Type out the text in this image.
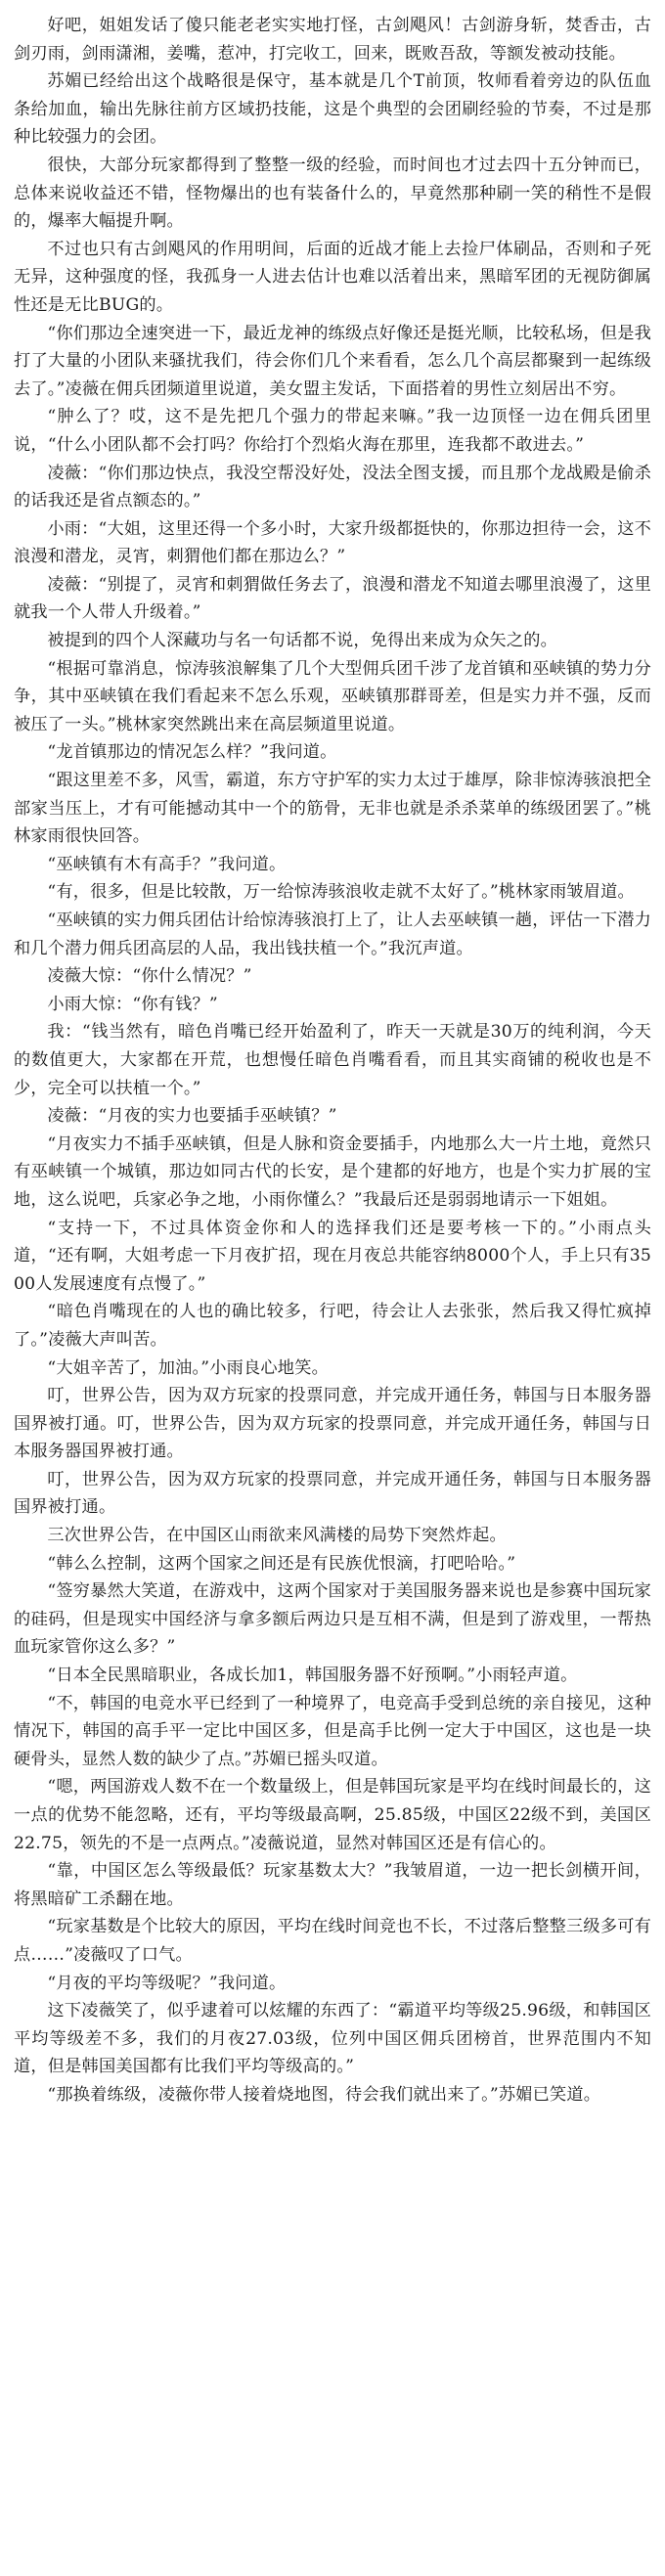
好吧，姐姐发话了傻只能老老实实地打怪，古剑飓风！古剑游身斩，焚香击，古剑刃雨，剑雨潇湘，姜嘴，惹冲，打完收工，回来，既败吾敌，等额发被动技能。

苏媚已经给出这个战略很是保守，基本就是几个T前顶，牧师看着旁边的队伍血条给加血，输出先脉往前方区域扔技能，这是个典型的会团刷经验的节奏，不过是那种比较强力的会团。

很快，大部分玩家都得到了整整一级的经验，而时间也才过去四十五分钟而已，总体来说收益还不错，怪物爆出的也有装备什么的，早竟然那种刷一笑的稍性不是假的，爆率大幅提升啊。

不过也只有古剑飓风的作用明间，后面的近战才能上去捡尸体刷品，否则和子死无异，这种强度的怪，我孤身一人进去估计也难以活着出来，黑暗军团的无视防御属性还是无比BUG的。

“你们那边全速突进一下，最近龙神的练级点好像还是挺光顺，比较私场，但是我打了大量的小团队来骚扰我们，待会你们几个来看看，怎么几个高层都聚到一起练级去了。”凌薇在佣兵团频道里说道，美女盟主发话，下面搭着的男性立刻居出不穷。

“肿么了？哎，这不是先把几个强力的带起来嘛。”我一边顶怪一边在佣兵团里说，“什么小团队都不会打吗？你给打个烈焰火海在那里，连我都不敢进去。”

凌薇：“你们那边快点，我没空帮没好处，没法全图支援，而且那个龙战殿是偷杀的话我还是省点额态的。”

小雨：“大姐，这里还得一个多小时，大家升级都挺快的，你那边担待一会，这不浪漫和潜龙，灵宵，刺猬他们都在那边么？”

凌薇：“别提了，灵宵和刺猬做任务去了，浪漫和潜龙不知道去哪里浪漫了，这里就我一个人带人升级着。”

被提到的四个人深藏功与名一句话都不说，免得出来成为众矢之的。

“根据可靠消息，惊涛骇浪解集了几个大型佣兵团千涉了龙首镇和巫峡镇的势力分争，其中巫峡镇在我们看起来不怎么乐观，巫峡镇那群哥差，但是实力并不强，反而被压了一头。”桃林家突然跳出来在高层频道里说道。

“龙首镇那边的情况怎么样？”我问道。

“跟这里差不多，风雪，霸道，东方守护军的实力太过于雄厚，除非惊涛骇浪把全部家当压上，才有可能撼动其中一个的筋骨，无非也就是杀杀菜单的练级团罢了。”桃林家雨很快回答。

“巫峡镇有木有高手？”我问道。

“有，很多，但是比较散，万一给惊涛骇浪收走就不太好了。”桃林家雨皱眉道。

“巫峡镇的实力佣兵团估计给惊涛骇浪打上了，让人去巫峡镇一趟，评估一下潜力和几个潜力佣兵团高层的人品，我出钱扶植一个。”我沉声道。

凌薇大惊：“你什么情况？”

小雨大惊：“你有钱？”

我：“钱当然有，暗色肖嘴已经开始盈利了，昨天一天就是30万的纯利润，今天的数值更大，大家都在开荒，也想慢任暗色肖嘴看看，而且其实商铺的税收也是不少，完全可以扶植一个。”

凌薇：“月夜的实力也要插手巫峡镇？”

“月夜实力不插手巫峡镇，但是人脉和资金要插手，内地那么大一片土地，竟然只有巫峡镇一个城镇，那边如同古代的长安，是个建都的好地方，也是个实力扩展的宝地，这么说吧，兵家必争之地，小雨你懂么？”我最后还是弱弱地请示一下姐姐。

“支持一下，不过具体资金你和人的选择我们还是要考核一下的。”小雨点头道，“还有啊，大姐考虑一下月夜扩招，现在月夜总共能容纳8000个人，手上只有3500人发展速度有点慢了。”

“暗色肖嘴现在的人也的确比较多，行吧，待会让人去张张，然后我又得忙疯掉了。”凌薇大声叫苦。

“大姐辛苦了，加油。”小雨良心地笑。

叮，世界公告，因为双方玩家的投票同意，并完成开通任务，韩国与日本服务器国界被打通。叮，世界公告，因为双方玩家的投票同意，并完成开通任务，韩国与日本服务器国界被打通。

叮，世界公告，因为双方玩家的投票同意，并完成开通任务，韩国与日本服务器国界被打通。

三次世界公告，在中国区山雨欲来风满楼的局势下突然炸起。

“韩么么控制，这两个国家之间还是有民族优恨滴，打吧哈哈。”

“签穷暴然大笑道，在游戏中，这两个国家对于美国服务器来说也是参赛中国玩家的硅码，但是现实中国经济与拿多额后两边只是互相不满，但是到了游戏里，一帮热血玩家管你这么多？”

“日本全民黑暗职业，各成长加1，韩国服务器不好预啊。”小雨轻声道。

“不，韩国的电竞水平已经到了一种境界了，电竞高手受到总统的亲自接见，这种情况下，韩国的高手平一定比中国区多，但是高手比例一定大于中国区，这也是一块硬骨头，显然人数的缺少了点。”苏媚已摇头叹道。

“嗯，两国游戏人数不在一个数量级上，但是韩国玩家是平均在线时间最长的，这一点的优势不能忽略，还有，平均等级最高啊，25.85级，中国区22级不到，美国区22.75，领先的不是一点两点。”凌薇说道，显然对韩国区还是有信心的。

“靠，中国区怎么等级最低？玩家基数太大？”我皱眉道，一边一把长剑横开间，将黑暗矿工杀翻在地。

“玩家基数是个比较大的原因，平均在线时间竞也不长，不过落后整整三级多可有点……”凌薇叹了口气。

“月夜的平均等级呢？”我问道。

这下凌薇笑了，似乎逮着可以炫耀的东西了：“霸道平均等级25.96级，和韩国区平均等级差不多，我们的月夜27.03级，位列中国区佣兵团榜首，世界范围内不知道，但是韩国美国都有比我们平均等级高的。”

“那换着练级，凌薇你带人接着烧地图，待会我们就出来了。”苏媚已笑道。
